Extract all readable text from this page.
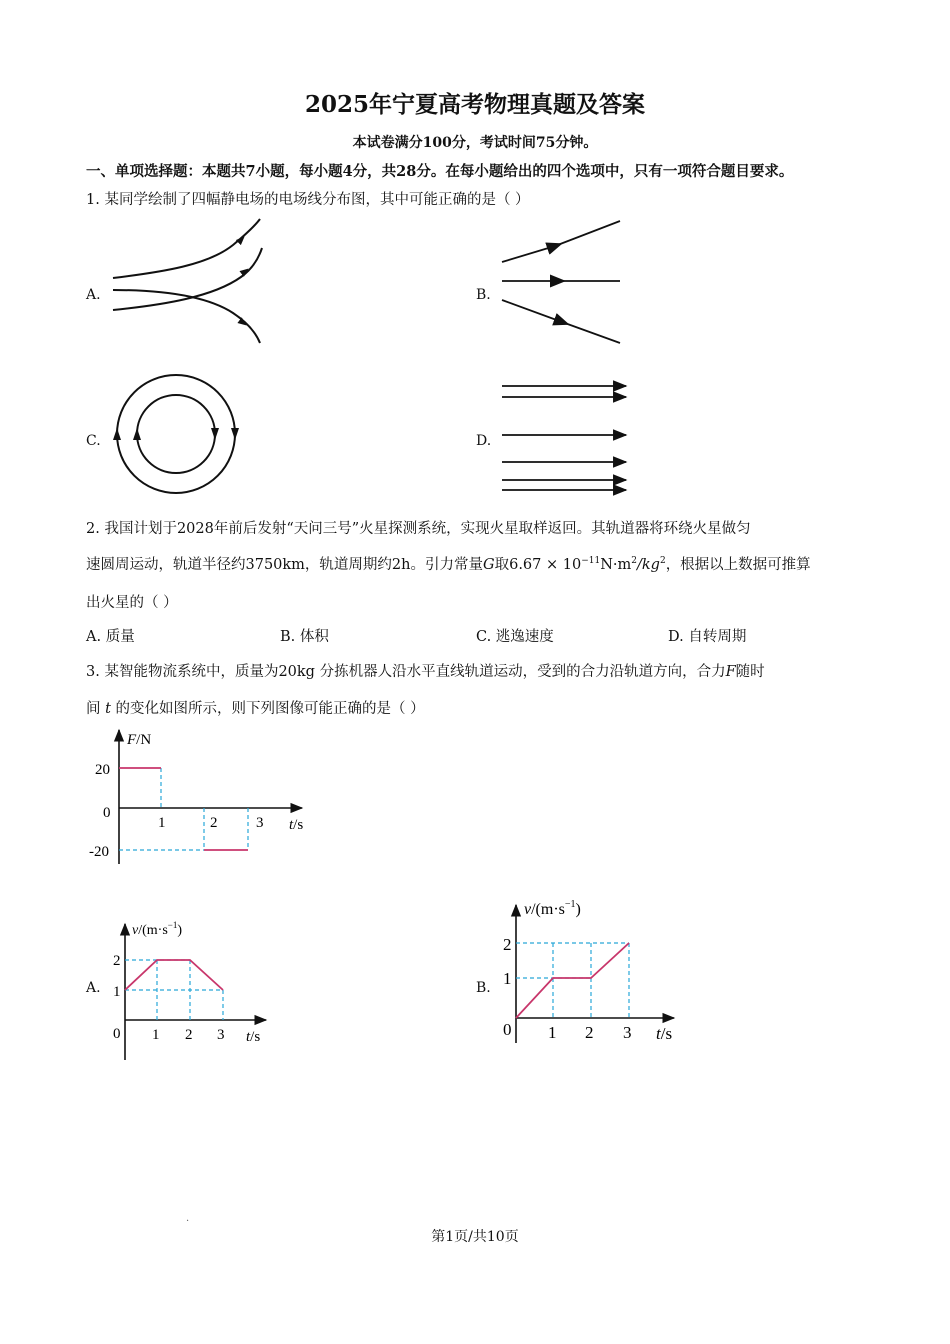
2025年宁夏高考物理真题及答案
本试卷满分100分，考试时间75分钟。
一、单项选择题：本题共7小题，每小题4分，共28分。在每小题给出的四个选项中，只有一项符合题目要求。
1. 某同学绘制了四幅静电场的电场线分布图，其中可能正确的是（ ）
A.	B.
C.	D.
2. 我国计划于2028年前后发射“天问三号”火星探测系统，实现火星取样返回。其轨道器将环绕火星做匀
速圆周运动，轨道半径约3750km，轨道周期约2h。引力常量G取$6.67 \times 10^{-11}N\cdot m^2/kg^2$，根据以上数据可推算
出火星的（ ）
A. 质量	B. 体积	C. 逃逸速度	D. 自转周期
3. 某智能物流系统中，质量为20kg 分拣机器人沿水平直线轨道运动，受到的合力沿轨道方向，合力F随时
间 t 的变化如图所示，则下列图像可能正确的是（ ）
F/N
20
0
-20
1	2	3 t/s
A.
$v/(m\cdot s^{-1})$
2
1
0 1 2 3 t/s
B.
$v/(m\cdot s^{-1})$
2
1
0 1 2 3 t/s
·
第1页/共10页
